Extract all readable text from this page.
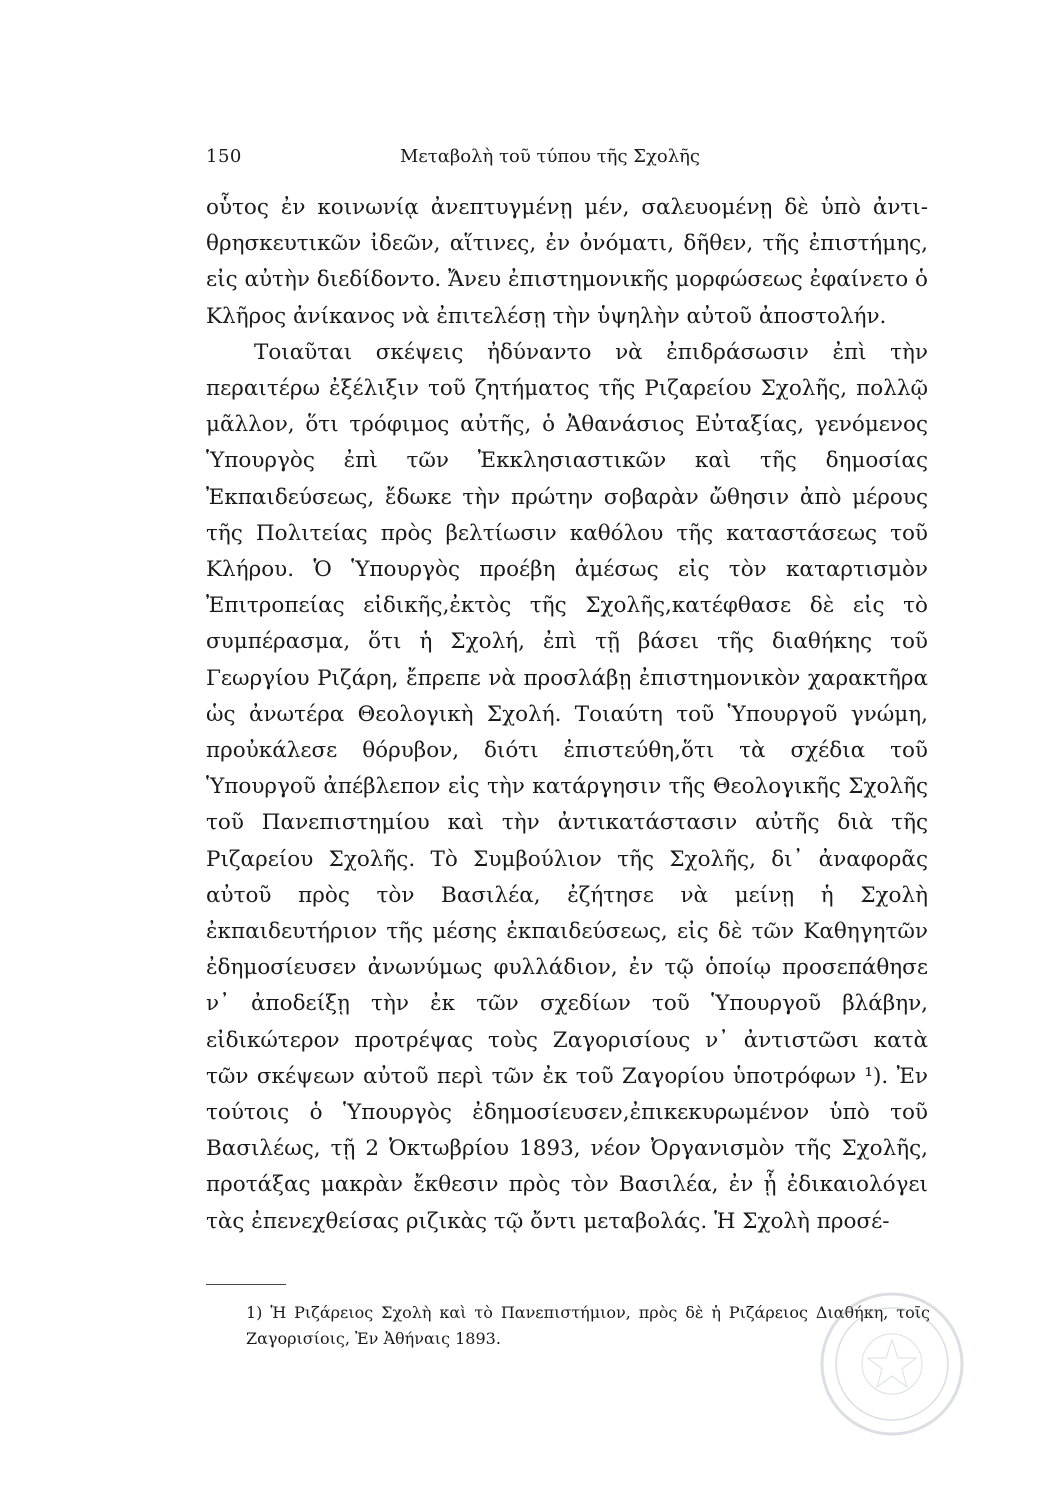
150	Μεταβολὴ τοῦ τύπου τῆς Σχολῆς

οὗτος ἐν κοινωνίᾳ ἀνεπτυγμένῃ μέν, σαλευομένῃ δὲ ὑπὸ ἀντι-θρησκευτικῶν ἰδεῶν, αἵτινες, ἐν ὀνόματι, δῆθεν, τῆς ἐπιστήμης, εἰς αὐτὴν διεδίδοντο. Ἄνευ ἐπιστημονικῆς μορφώσεως ἐφαίνετο ὁ Κλῆρος ἀνίκανος νὰ ἐπιτελέσῃ τὴν ὑψηλὴν αὐτοῦ ἀποστολήν.

Τοιαῦται σκέψεις ἠδύναντο νὰ ἐπιδράσωσιν ἐπὶ τὴν περαιτέρω ἐξέλιξιν τοῦ ζητήματος τῆς Ριζαρείου Σχολῆς, πολλῷ μᾶλλον, ὅτι τρόφιμος αὐτῆς, ὁ Ἀθανάσιος Εὐταξίας, γενόμενος Ὑπουργὸς ἐπὶ τῶν Ἐκκλησιαστικῶν καὶ τῆς δημοσίας Ἐκπαιδεύσεως, ἔδωκε τὴν πρώτην σοβαρὰν ὤθησιν ἀπὸ μέρους τῆς Πολιτείας πρὸς βελτίωσιν καθόλου τῆς καταστάσεως τοῦ Κλήρου. Ὁ Ὑπουργὸς προέβη ἀμέσως εἰς τὸν καταρτισμὸν Ἐπιτροπείας εἰδικῆς,ἐκτὸς τῆς Σχολῆς,κατέφθασε δὲ εἰς τὸ συμπέρασμα, ὅτι ἡ Σχολή, ἐπὶ τῇ βάσει τῆς διαθήκης τοῦ Γεωργίου Ριζάρη, ἔπρεπε νὰ προσλάβῃ ἐπιστημονικὸν χαρακτῆρα ὡς ἀνωτέρα Θεολογικὴ Σχολή. Τοιαύτη τοῦ Ὑπουργοῦ γνώμη, προὐκάλεσε θόρυβον, διότι ἐπιστεύθη,ὅτι τὰ σχέδια τοῦ Ὑπουργοῦ ἀπέβλεπον εἰς τὴν κατάργησιν τῆς Θεολογικῆς Σχολῆς τοῦ Πανεπιστημίου καὶ τὴν ἀντικατάστασιν αὐτῆς διὰ τῆς Ριζαρείου Σχολῆς. Τὸ Συμβούλιον τῆς Σχολῆς, δι᾽ ἀναφορᾶς αὐτοῦ πρὸς τὸν Βασιλέα, ἐζήτησε νὰ μείνῃ ἡ Σχολὴ ἐκπαιδευτήριον τῆς μέσης ἐκπαιδεύσεως, εἰς δὲ τῶν Καθηγητῶν ἐδημοσίευσεν ἀνωνύμως φυλλάδιον, ἐν τῷ ὁποίῳ προσεπάθησε ν᾽ ἀποδείξῃ τὴν ἐκ τῶν σχεδίων τοῦ Ὑπουργοῦ βλάβην, εἰδικώτερον προτρέψας τοὺς Ζαγορισίους ν᾽ ἀντιστῶσι κατὰ τῶν σκέψεων αὐτοῦ περὶ τῶν ἐκ τοῦ Ζαγορίου ὑποτρόφων ¹). Ἐν τούτοις ὁ Ὑπουργὸς ἐδημοσίευσεν,ἐπικεκυρωμένον ὑπὸ τοῦ Βασιλέως, τῇ 2 Ὀκτωβρίου 1893, νέον Ὀργανισμὸν τῆς Σχολῆς, προτάξας μακρὰν ἔκθεσιν πρὸς τὸν Βασιλέα, ἐν ᾗ ἐδικαιολόγει τὰς ἐπενεχθείσας ριζικὰς τῷ ὄντι μεταβολάς. Ἡ Σχολὴ προσέ-

1) Ἡ Ριζάρειος Σχολὴ καὶ τὸ Πανεπιστήμιον, πρὸς δὲ ἡ Ριζάρειος Διαθήκη, τοῖς Ζαγορισίοις, Ἐν Ἀθήναις 1893.
